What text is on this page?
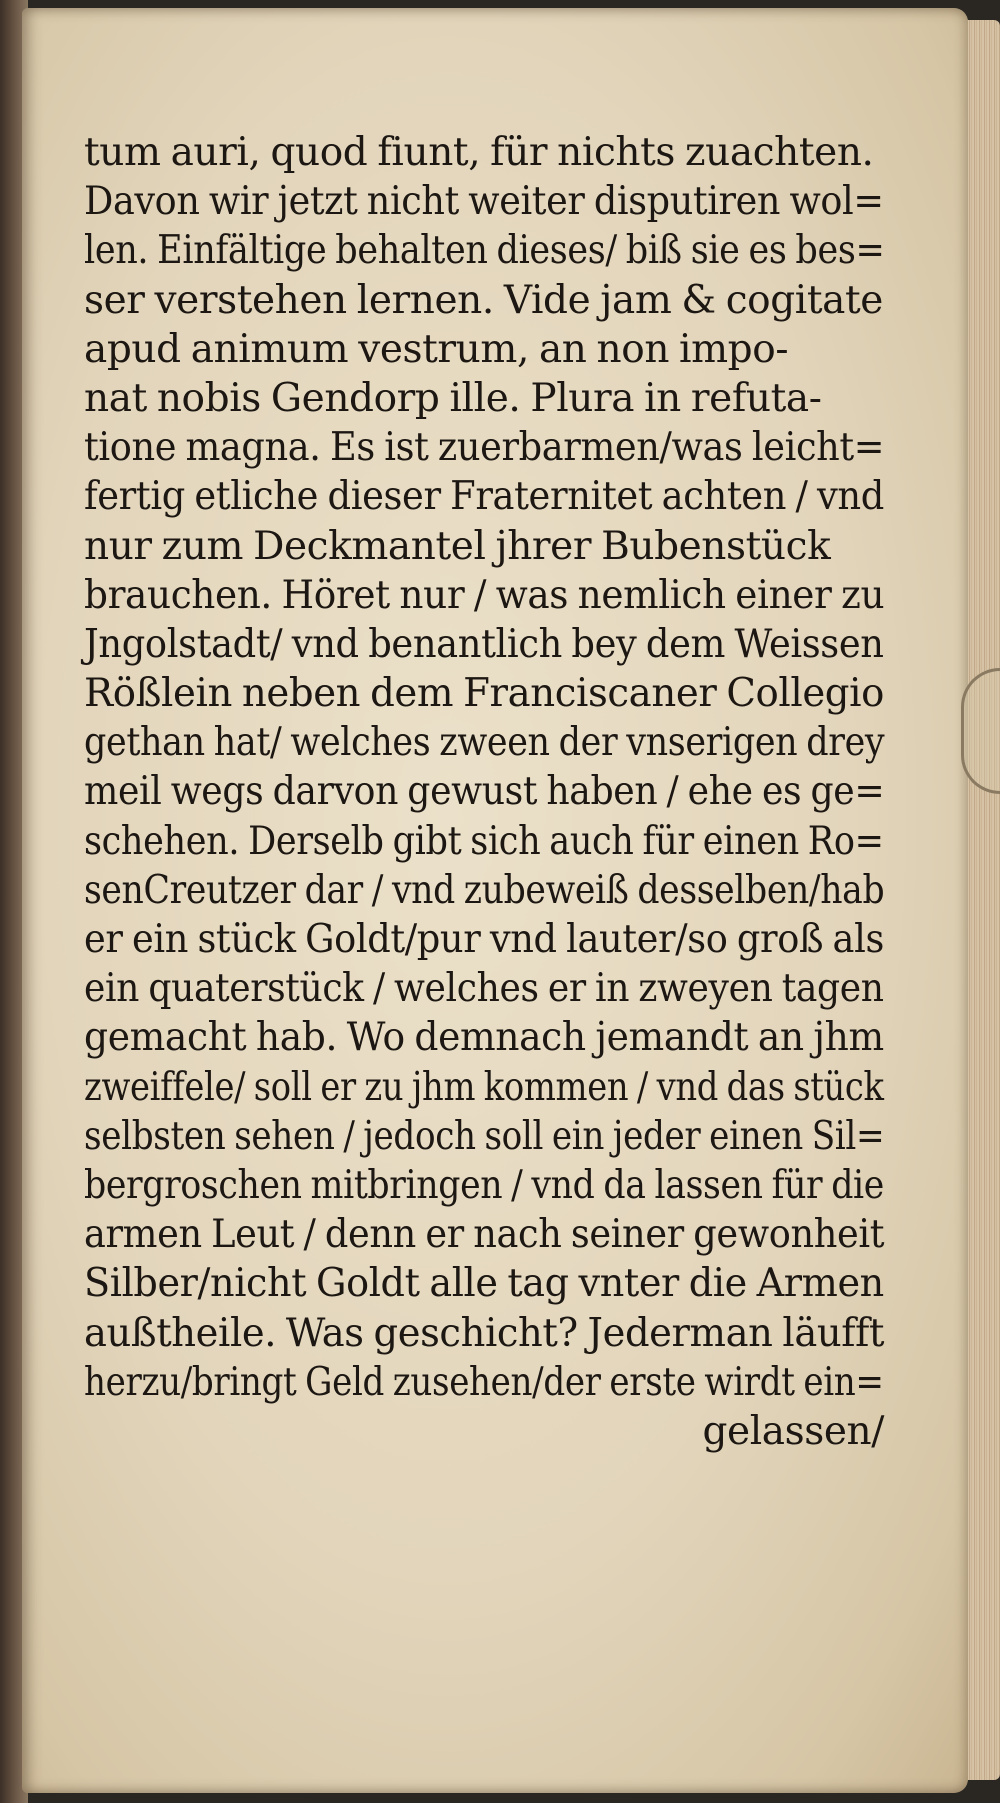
tum auri, quod fiunt, für nichts zuachten.
Davon wir jetzt nicht weiter disputiren wol=
len. Einfältige behalten dieses/ biß sie es bes=
ser verstehen lernen. Vide jam & cogitate
apud animum vestrum, an non impo-
nat nobis Gendorp ille. Plura in refuta-
tione magna. Es ist zuerbarmen/was leicht=
fertig etliche dieser Fraternitet achten / vnd
nur zum Deckmantel jhrer Bubenstück
brauchen. Höret nur / was nemlich einer zu
Jngolstadt/ vnd benantlich bey dem Weissen
Rößlein neben dem Franciscaner Collegio
gethan hat/ welches zween der vnserigen drey
meil wegs darvon gewust haben / ehe es ge=
schehen. Derselb gibt sich auch für einen Ro=
senCreutzer dar / vnd zubeweiß desselben/hab
er ein stück Goldt/pur vnd lauter/so groß als
ein quaterstück / welches er in zweyen tagen
gemacht hab. Wo demnach jemandt an jhm
zweiffele/ soll er zu jhm kommen / vnd das stück
selbsten sehen / jedoch soll ein jeder einen Sil=
bergroschen mitbringen / vnd da lassen für die
armen Leut / denn er nach seiner gewonheit
Silber/nicht Goldt alle tag vnter die Armen
außtheile. Was geschicht? Jederman läufft
herzu/bringt Geld zusehen/der erste wirdt ein=
gelassen/
